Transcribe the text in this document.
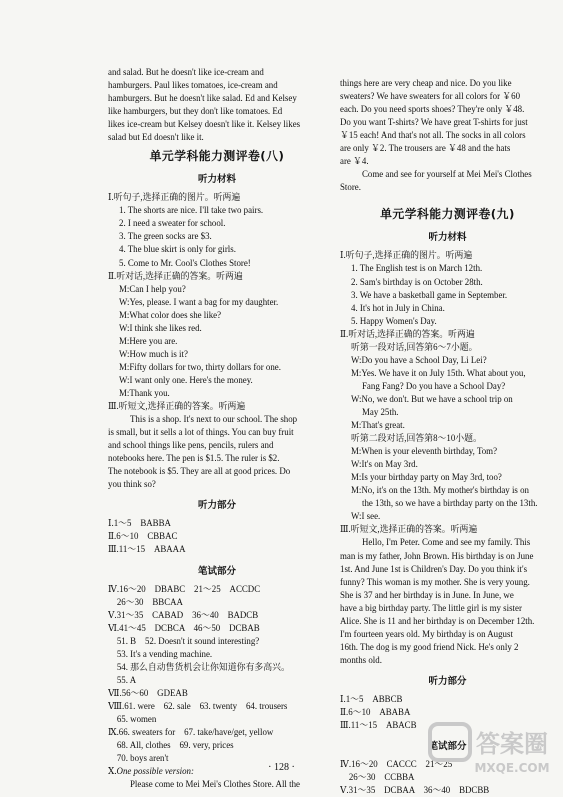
and salad. But he doesn't like ice-cream and
hamburgers. Paul likes tomatoes, ice-cream and
hamburgers. But he doesn't like salad. Ed and Kelsey
like hamburgers, but they don't like tomatoes. Ed
likes ice-cream but Kelsey doesn't like it. Kelsey likes
salad but Ed doesn't like it.
单元学科能力测评卷(八)
听力材料
Ⅰ.听句子,选择正确的图片。听两遍
1. The shorts are nice. I'll take two pairs.
2. I need a sweater for school.
3. The green socks are $3.
4. The blue skirt is only for girls.
5. Come to Mr. Cool's Clothes Store!
Ⅱ.听对话,选择正确的答案。听两遍
M:Can I help you?
W:Yes, please. I want a bag for my daughter.
M:What color does she like?
W:I think she likes red.
M:Here you are.
W:How much is it?
M:Fifty dollars for two, thirty dollars for one.
W:I want only one. Here's the money.
M:Thank you.
Ⅲ.听短文,选择正确的答案。听两遍
This is a shop. It's next to our school. The shop
is small, but it sells a lot of things. You can buy fruit
and school things like pens, pencils, rulers and
notebooks here. The pen is $1.5. The ruler is $2.
The notebook is $5. They are all at good prices. Do
you think so?
听力部分
Ⅰ.1～5　BABBA
Ⅱ.6～10　CBBAC
Ⅲ.11～15　ABAAA
笔试部分
Ⅳ.16～20　DBABC　21～25　ACCDC
　26～30　BBCAA
Ⅴ.31～35　CABAD　36～40　BADCB
Ⅵ.41～45　DCBCA　46～50　DCBAB
　51. B　52. Doesn't it sound interesting?
　53. It's a vending machine.
　54. 那么自动售货机会让你知道你有多高兴。
　55. A
Ⅶ.56～60　GDEAB
Ⅷ.61. were　62. sale　63. twenty　64. trousers
　65. women
Ⅸ.66. sweaters for　67. take/have/get, yellow
　68. All, clothes　69. very, prices
　70. boys aren't
Ⅹ.One possible version:
Please come to Mei Mei's Clothes Store. All the
things here are very cheap and nice. Do you like
sweaters? We have sweaters for all colors for ￥60
each. Do you need sports shoes? They're only ￥48.
Do you want T-shirts? We have great T-shirts for just
￥15 each! And that's not all. The socks in all colors
are only ￥2. The trousers are ￥48 and the hats
are ￥4.
Come and see for yourself at Mei Mei's Clothes
Store.
单元学科能力测评卷(九)
听力材料
Ⅰ.听句子,选择正确的图片。听两遍
1. The English test is on March 12th.
2. Sam's birthday is on October 28th.
3. We have a basketball game in September.
4. It's hot in July in China.
5. Happy Women's Day.
Ⅱ.听对话,选择正确的答案。听两遍
听第一段对话,回答第6～7小题。
W:Do you have a School Day, Li Lei?
M:Yes. We have it on July 15th. What about you,
Fang Fang? Do you have a School Day?
W:No, we don't. But we have a school trip on
May 25th.
M:That's great.
听第二段对话,回答第8～10小题。
M:When is your eleventh birthday, Tom?
W:It's on May 3rd.
M:Is your birthday party on May 3rd, too?
M:No, it's on the 13th. My mother's birthday is on
the 13th, so we have a birthday party on the 13th.
W:I see.
Ⅲ.听短文,选择正确的答案。听两遍
Hello, I'm Peter. Come and see my family. This
man is my father, John Brown. His birthday is on June
1st. And June 1st is Children's Day. Do you think it's
funny? This woman is my mother. She is very young.
She is 37 and her birthday is in June. In June, we
have a big birthday party. The little girl is my sister
Alice. She is 11 and her birthday is on December 12th.
I'm fourteen years old. My birthday is on August
16th. The dog is my good friend Nick. He's only 2
months old.
听力部分
Ⅰ.1～5　ABBCB
Ⅱ.6～10　ABABA
Ⅲ.11～15　ABACB
笔试部分
Ⅳ.16～20　CACCC　21～25　
　26～30　CCBBA
Ⅴ.31～35　DCBAA　36～40　BDCBB
· 128 ·
答案圈
MXQE.COM
